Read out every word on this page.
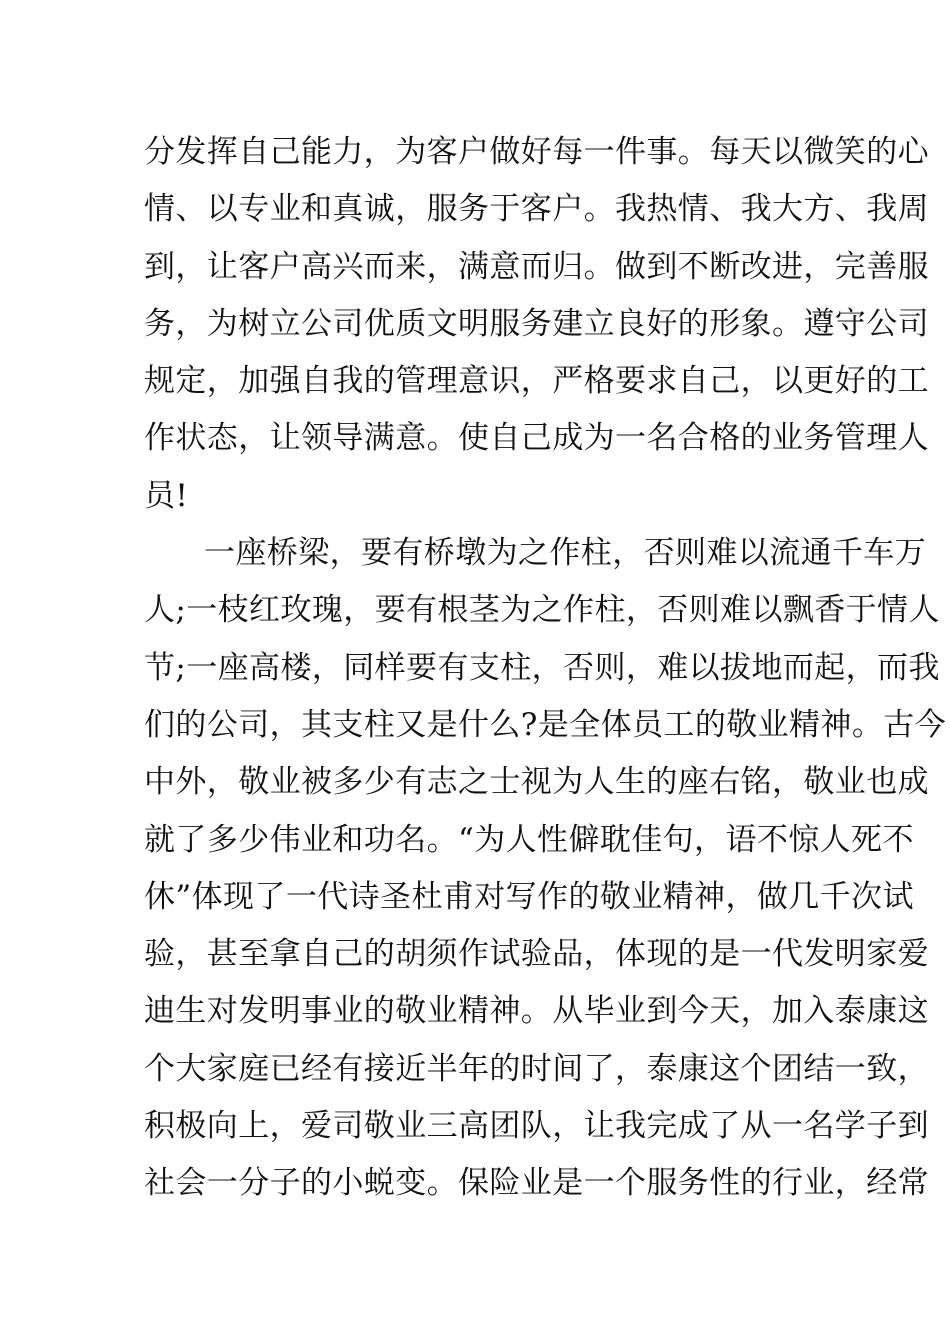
分发挥自己能力，为客户做好每一件事。每天以微笑的心
情、以专业和真诚，服务于客户。我热情、我大方、我周
到，让客户高兴而来，满意而归。做到不断改进，完善服
务，为树立公司优质文明服务建立良好的形象。遵守公司
规定，加强自我的管理意识，严格要求自己，以更好的工
作状态，让领导满意。使自己成为一名合格的业务管理人
员!
一座桥梁，要有桥墩为之作柱，否则难以流通千车万
人;一枝红玫瑰，要有根茎为之作柱，否则难以飘香于情人
节;一座高楼，同样要有支柱，否则，难以拔地而起，而我
们的公司，其支柱又是什么?是全体员工的敬业精神。古今
中外，敬业被多少有志之士视为人生的座右铭，敬业也成
就了多少伟业和功名。“为人性僻耽佳句，语不惊人死不
休”体现了一代诗圣杜甫对写作的敬业精神，做几千次试
验，甚至拿自己的胡须作试验品，体现的是一代发明家爱
迪生对发明事业的敬业精神。从毕业到今天，加入泰康这
个大家庭已经有接近半年的时间了，泰康这个团结一致，
积极向上，爱司敬业三高团队，让我完成了从一名学子到
社会一分子的小蜕变。保险业是一个服务性的行业，经常
